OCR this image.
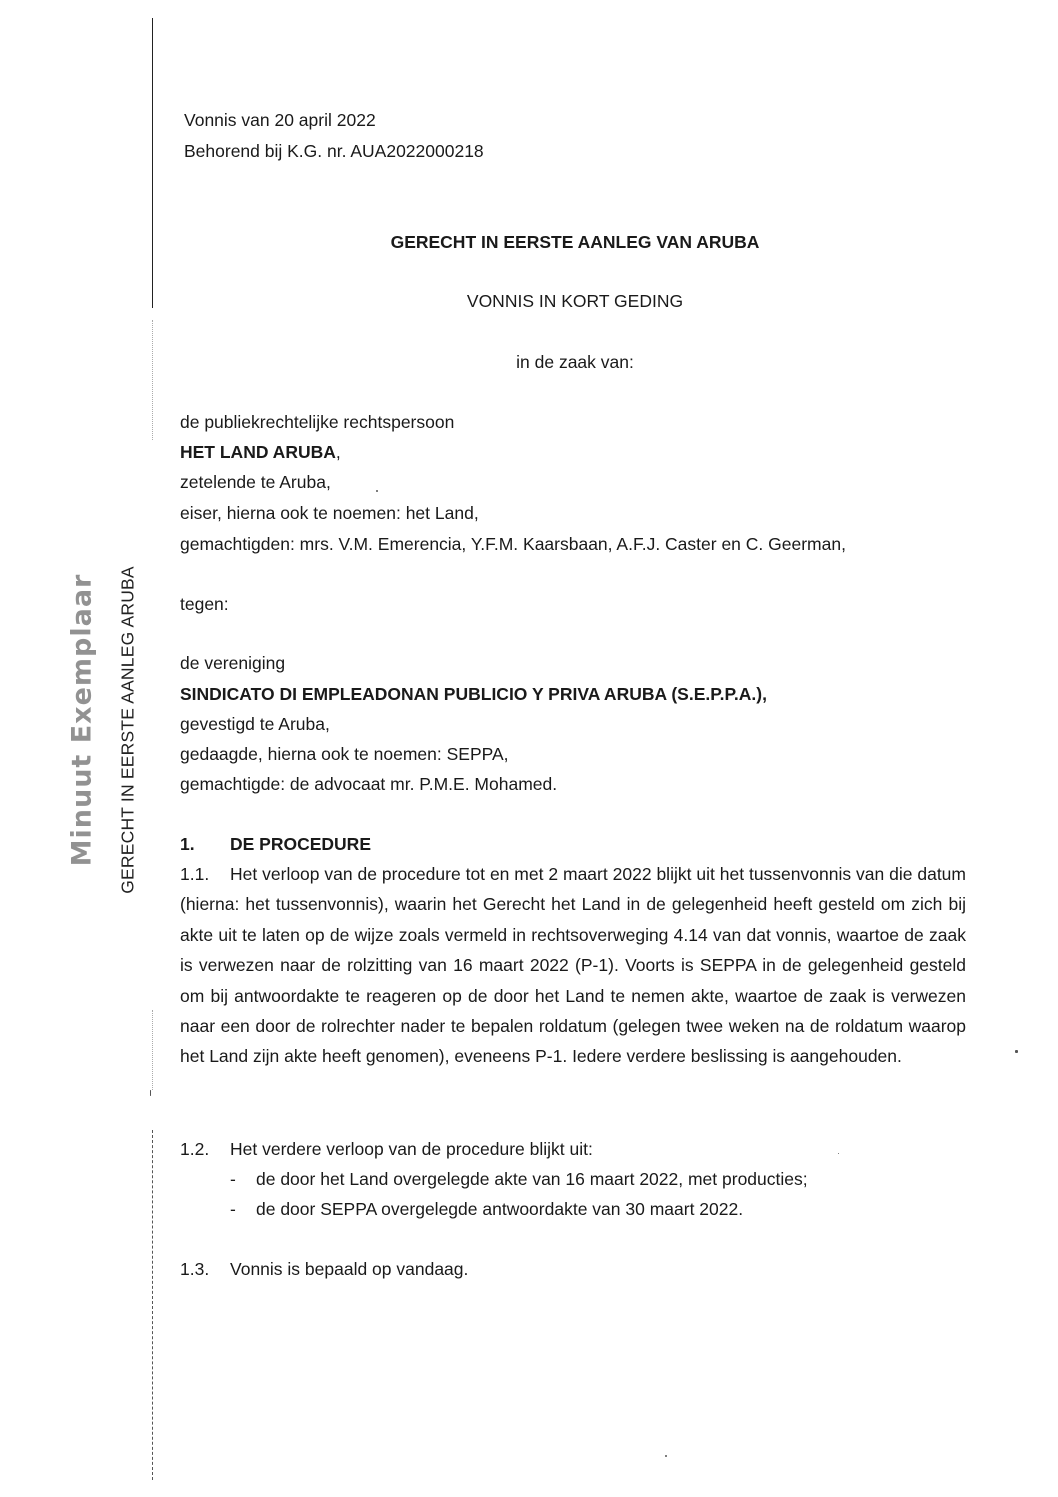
Minuut Exemplaar GERECHT IN EERSTE AANLEG ARUBA
Vonnis van 20 april 2022
Behorend bij K.G. nr. AUA2022000218
GERECHT IN EERSTE AANLEG VAN ARUBA
VONNIS IN KORT GEDING
in de zaak van:
de publiekrechtelijke rechtspersoon
HET LAND ARUBA,
zetelende te Aruba,
eiser, hierna ook te noemen: het Land,
gemachtigden: mrs. V.M. Emerencia, Y.F.M. Kaarsbaan, A.F.J. Caster en C. Geerman,
tegen:
de vereniging
SINDICATO DI EMPLEADONAN PUBLICIO Y PRIVA ARUBA (S.E.P.P.A.),
gevestigd te Aruba,
gedaagde, hierna ook te noemen: SEPPA,
gemachtigde: de advocaat mr. P.M.E. Mohamed.
1. DE PROCEDURE
1.1. Het verloop van de procedure tot en met 2 maart 2022 blijkt uit het tussenvonnis van die datum (hierna: het tussenvonnis), waarin het Gerecht het Land in de gelegenheid heeft gesteld om zich bij akte uit te laten op de wijze zoals vermeld in rechtsoverweging 4.14 van dat vonnis, waartoe de zaak is verwezen naar de rolzitting van 16 maart 2022 (P-1). Voorts is SEPPA in de gelegenheid gesteld om bij antwoordakte te reageren op de door het Land te nemen akte, waartoe de zaak is verwezen naar een door de rolrechter nader te bepalen roldatum (gelegen twee weken na de roldatum waarop het Land zijn akte heeft genomen), eveneens P-1. Iedere verdere beslissing is aangehouden.
1.2. Het verdere verloop van de procedure blijkt uit:
- de door het Land overgelegde akte van 16 maart 2022, met producties;
- de door SEPPA overgelegde antwoordakte van 30 maart 2022.
1.3. Vonnis is bepaald op vandaag.
